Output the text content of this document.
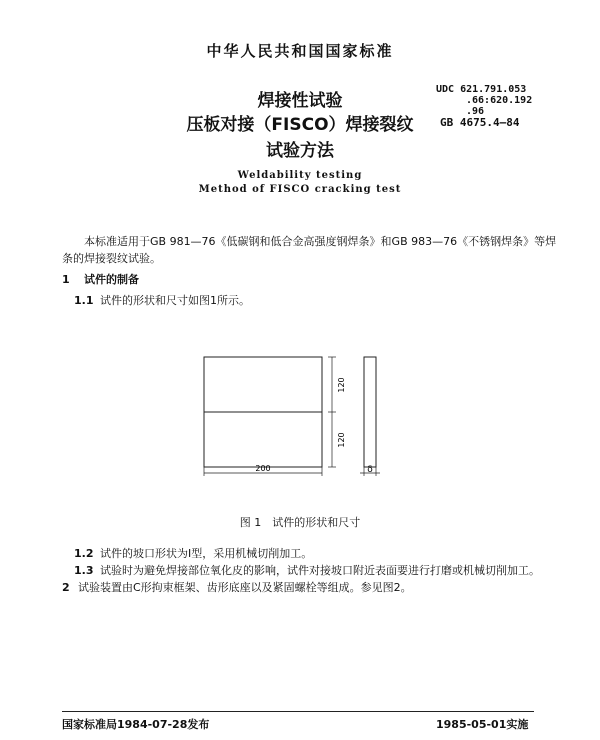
中华人民共和国国家标准
焊接性试验
压板对接（FISCO）焊接裂纹
试验方法
UDC 621.791.053
.66:620.192
.96
GB 4675.4—84
Weldability testing
Method of FISCO cracking test
本标准适用于GB 981—76《低碳钢和低合金高强度钢焊条》和GB 983—76《不锈钢焊条》等焊
条的焊接裂纹试验。
1 试件的制备
1.1 试件的形状和尺寸如图1所示。
120
120
200	δ
图 1　试件的形状和尺寸
1.2 试件的坡口形状为I型，采用机械切削加工。
1.3 试验时为避免焊接部位氧化皮的影响，试件对接坡口附近表面要进行打磨或机械切削加工。
2 试验装置由C形拘束框架、齿形底座以及紧固螺栓等组成。参见图2。
国家标准局1984-07-28发布	1985-05-01实施
